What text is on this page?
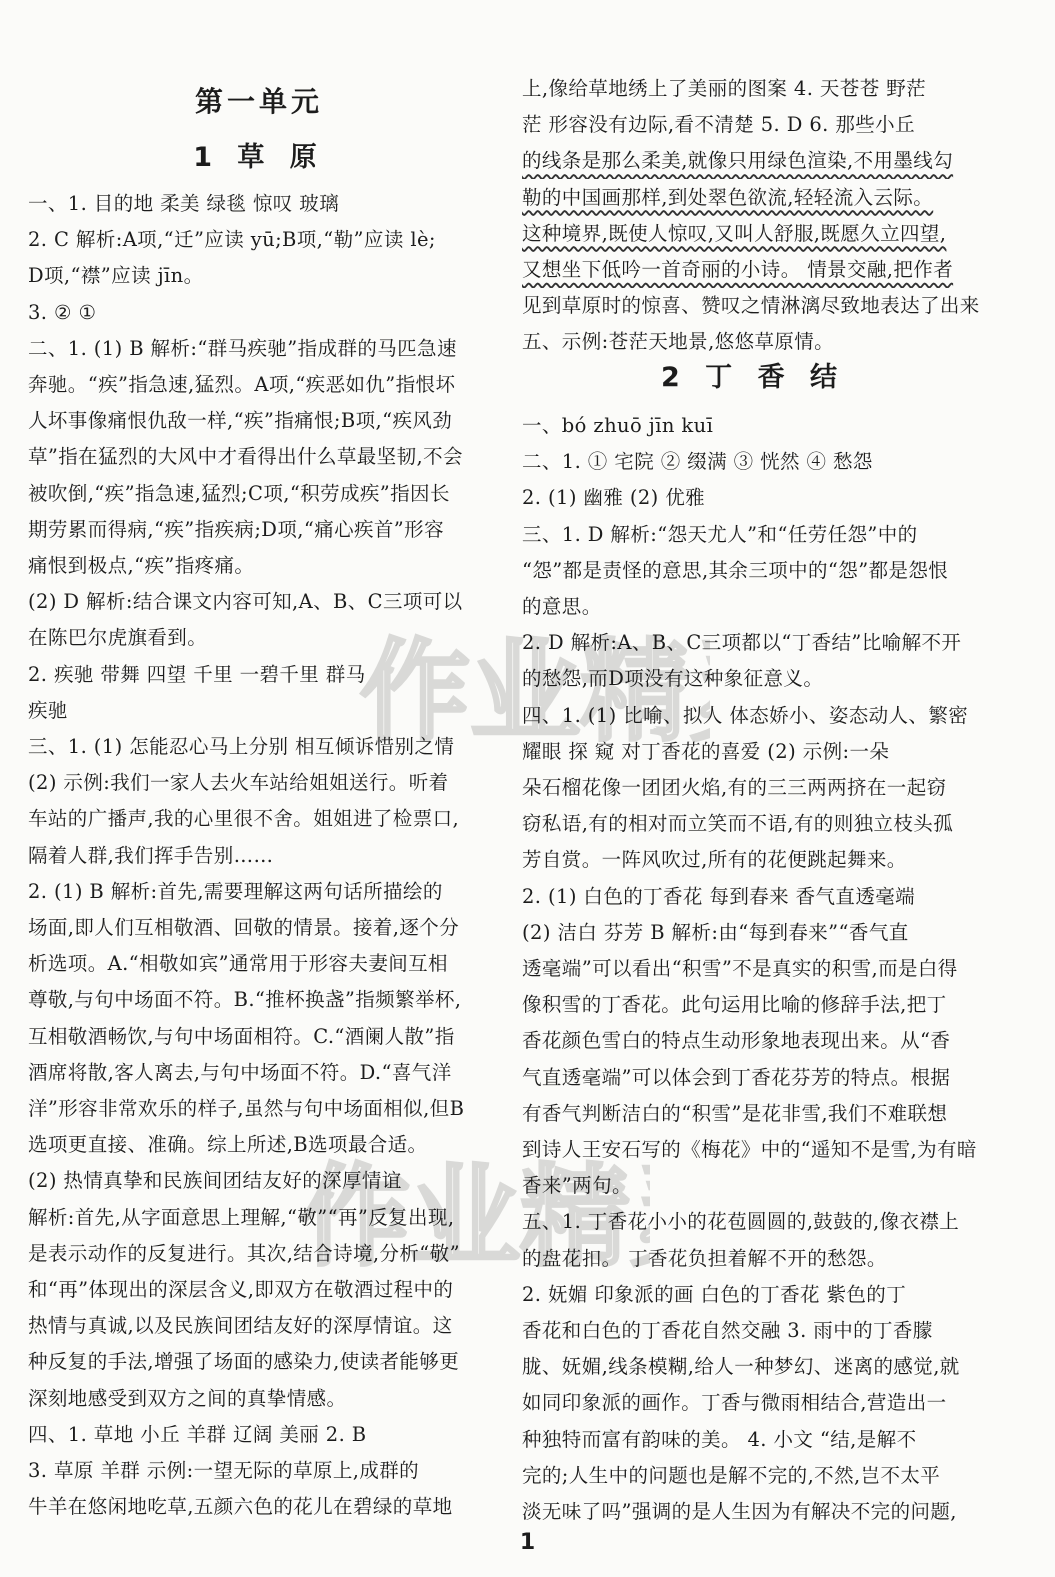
第一单元
1 草 原
一、1. 目的地 柔美 绿毯 惊叹 玻璃
2. C 解析:A项,“迁”应读 yū;B项,“勒”应读 lè;
D项,“襟”应读 jīn。
3. ② ①
二、1. (1) B 解析:“群马疾驰”指成群的马匹急速
奔驰。“疾”指急速,猛烈。A项,“疾恶如仇”指恨坏
人坏事像痛恨仇敌一样,“疾”指痛恨;B项,“疾风劲
草”指在猛烈的大风中才看得出什么草最坚韧,不会
被吹倒,“疾”指急速,猛烈;C项,“积劳成疾”指因长
期劳累而得病,“疾”指疾病;D项,“痛心疾首”形容
痛恨到极点,“疾”指疼痛。
(2) D 解析:结合课文内容可知,A、B、C三项可以
在陈巴尔虎旗看到。
2. 疾驰 带舞 四望 千里 一碧千里 群马
疾驰
三、1. (1) 怎能忍心马上分别 相互倾诉惜别之情
(2) 示例:我们一家人去火车站给姐姐送行。听着
车站的广播声,我的心里很不舍。姐姐进了检票口,
隔着人群,我们挥手告别……
2. (1) B 解析:首先,需要理解这两句话所描绘的
场面,即人们互相敬酒、回敬的情景。接着,逐个分
析选项。A.“相敬如宾”通常用于形容夫妻间互相
尊敬,与句中场面不符。B.“推杯换盏”指频繁举杯,
互相敬酒畅饮,与句中场面相符。C.“酒阑人散”指
酒席将散,客人离去,与句中场面不符。D.“喜气洋
洋”形容非常欢乐的样子,虽然与句中场面相似,但B
选项更直接、准确。综上所述,B选项最合适。
(2) 热情真挚和民族间团结友好的深厚情谊
解析:首先,从字面意思上理解,“敬”“再”反复出现,
是表示动作的反复进行。其次,结合诗境,分析“敬”
和“再”体现出的深层含义,即双方在敬酒过程中的
热情与真诚,以及民族间团结友好的深厚情谊。这
种反复的手法,增强了场面的感染力,使读者能够更
深刻地感受到双方之间的真挚情感。
四、1. 草地 小丘 羊群 辽阔 美丽 2. B
3. 草原 羊群 示例:一望无际的草原上,成群的
牛羊在悠闲地吃草,五颜六色的花儿在碧绿的草地
上,像给草地绣上了美丽的图案 4. 天苍苍 野茫
茫 形容没有边际,看不清楚 5. D 6. 那些小丘
的线条是那么柔美,就像只用绿色渲染,不用墨线勾
勒的中国画那样,到处翠色欲流,轻轻流入云际。
这种境界,既使人惊叹,又叫人舒服,既愿久立四望,
又想坐下低吟一首奇丽的小诗。 情景交融,把作者
见到草原时的惊喜、赞叹之情淋漓尽致地表达了出来
五、示例:苍茫天地景,悠悠草原情。
2 丁 香 结
一、bó zhuō jīn kuī
二、1. ① 宅院 ② 缀满 ③ 恍然 ④ 愁怨
2. (1) 幽雅 (2) 优雅
三、1. D 解析:“怨天尤人”和“任劳任怨”中的
“怨”都是责怪的意思,其余三项中的“怨”都是怨恨
的意思。
2. D 解析:A、B、C三项都以“丁香结”比喻解不开
的愁怨,而D项没有这种象征意义。
四、1. (1) 比喻、拟人 体态娇小、姿态动人、繁密
耀眼 探 窥 对丁香花的喜爱 (2) 示例:一朵
朵石榴花像一团团火焰,有的三三两两挤在一起窃
窃私语,有的相对而立笑而不语,有的则独立枝头孤
芳自赏。一阵风吹过,所有的花便跳起舞来。
2. (1) 白色的丁香花 每到春来 香气直透毫端
(2) 洁白 芬芳 B 解析:由“每到春来”“香气直
透毫端”可以看出“积雪”不是真实的积雪,而是白得
像积雪的丁香花。此句运用比喻的修辞手法,把丁
香花颜色雪白的特点生动形象地表现出来。从“香
气直透毫端”可以体会到丁香花芬芳的特点。根据
有香气判断洁白的“积雪”是花非雪,我们不难联想
到诗人王安石写的《梅花》中的“遥知不是雪,为有暗
香来”两句。
五、1. 丁香花小小的花苞圆圆的,鼓鼓的,像衣襟上
的盘花扣。 丁香花负担着解不开的愁怨。
2. 妩媚 印象派的画 白色的丁香花 紫色的丁
香花和白色的丁香花自然交融 3. 雨中的丁香朦
胧、妩媚,线条模糊,给人一种梦幻、迷离的感觉,就
如同印象派的画作。丁香与微雨相结合,营造出一
种独特而富有韵味的美。 4. 小文 “结,是解不
完的;人生中的问题也是解不完的,不然,岂不太平
淡无味了吗”强调的是人生因为有解决不完的问题,
作业精
作业精
1
